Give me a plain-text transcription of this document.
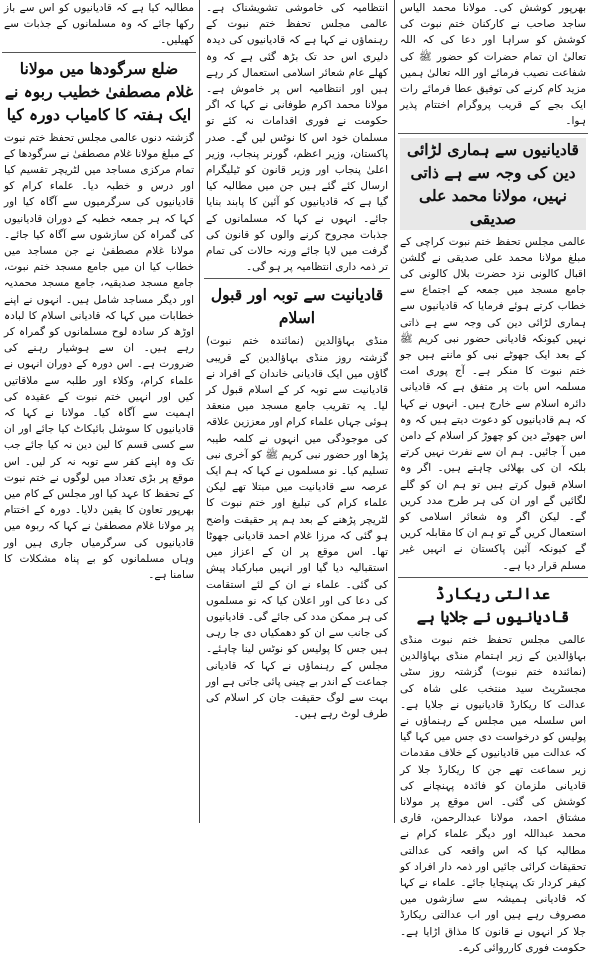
بھرپور کوشش کی۔ مولانا محمد الیاس ساجد صاحب نے کارکنان ختم نبوت کی کوشش کو سراہا اور دعا کی کہ اللہ تعالیٰ ان تمام حضرات کو حضور ﷺ کی شفاعت نصیب فرمائے اور اللہ تعالیٰ ہمیں مزید کام کرنے کی توفیق عطا فرمائے رات ایک بجے کے قریب پروگرام اختتام پذیر ہوا۔

قادیانیوں سے ہماری لڑائی دین کی وجہ سے ہے ذاتی نہیں، مولانا محمد علی صدیقی

عالمی مجلس تحفظ ختم نبوت کراچی کے مبلغ مولانا محمد علی صدیقی نے گلشن اقبال کالونی نزد حضرت بلال کالونی کی جامع مسجد میں جمعہ کے اجتماع سے خطاب کرتے ہوئے فرمایا کہ قادیانیوں سے ہماری لڑائی دین کی وجہ سے ہے ذاتی نہیں کیونکہ قادیانی حضور نبی کریم ﷺ کے بعد ایک جھوٹے نبی کو مانتے ہیں جو ختم نبوت کا منکر ہے۔ آج پوری امت مسلمہ اس بات پر متفق ہے کہ قادیانی دائرہ اسلام سے خارج ہیں۔ انہوں نے کہا کہ ہم قادیانیوں کو دعوت دیتے ہیں کہ وہ اس جھوٹے دین کو چھوڑ کر اسلام کے دامن میں آ جائیں۔ ہم ان سے نفرت نہیں کرتے بلکہ ان کی بھلائی چاہتے ہیں۔ اگر وہ اسلام قبول کرتے ہیں تو ہم ان کو گلے لگائیں گے اور ان کی ہر طرح مدد کریں گے۔ لیکن اگر وہ شعائر اسلامی کو استعمال کریں گے تو ہم ان کا مقابلہ کریں گے کیونکہ آئین پاکستان نے انہیں غیر مسلم قرار دیا ہے۔

عدالتی ریکارڈ قادیانیوں نے جلایا ہے

عالمی مجلس تحفظ ختم نبوت منڈی بہاؤالدین کے زیر اہتمام منڈی بہاؤالدین (نمائندہ ختم نبوت) گزشتہ روز سٹی مجسٹریٹ سید منتخب علی شاہ کی عدالت کا ریکارڈ قادیانیوں نے جلایا ہے۔ اس سلسلہ میں مجلس کے رہنماؤں نے پولیس کو درخواست دی جس میں کہا گیا کہ عدالت میں قادیانیوں کے خلاف مقدمات زیر سماعت تھے جن کا ریکارڈ جلا کر قادیانی ملزمان کو فائدہ پہنچانے کی کوشش کی گئی۔ اس موقع پر مولانا مشتاق احمد، مولانا عبدالرحمن، قاری محمد عبداللہ اور دیگر علماء کرام نے مطالبہ کیا کہ اس واقعہ کی عدالتی تحقیقات کرائی جائیں اور ذمہ دار افراد کو کیفر کردار تک پہنچایا جائے۔ علماء نے کہا کہ قادیانی ہمیشہ سے سازشوں میں مصروف رہے ہیں اور اب عدالتی ریکارڈ جلا کر انہوں نے قانون کا مذاق اڑایا ہے۔ حکومت فوری کارروائی کرے۔

انتظامیہ کی خاموشی تشویشناک ہے۔ عالمی مجلس تحفظ ختم نبوت کے رہنماؤں نے کہا ہے کہ قادیانیوں کی دیدہ دلیری اس حد تک بڑھ گئی ہے کہ وہ کھلے عام شعائر اسلامی استعمال کر رہے ہیں اور انتظامیہ اس پر خاموش ہے۔ مولانا محمد اکرم طوفانی نے کہا کہ اگر حکومت نے فوری اقدامات نہ کئے تو مسلمان خود اس کا نوٹس لیں گے۔ صدر پاکستان، وزیر اعظم، گورنر پنجاب، وزیر اعلیٰ پنجاب اور وزیر قانون کو ٹیلیگرام ارسال کئے گئے ہیں جن میں مطالبہ کیا گیا ہے کہ قادیانیوں کو آئین کا پابند بنایا جائے۔ انہوں نے کہا کہ مسلمانوں کے جذبات مجروح کرنے والوں کو قانون کی گرفت میں لایا جائے ورنہ حالات کی تمام تر ذمہ داری انتظامیہ پر ہو گی۔

قادیانیت سے توبہ اور قبول اسلام

منڈی بہاؤالدین (نمائندہ ختم نبوت) گزشتہ روز منڈی بہاؤالدین کے قریبی گاؤں میں ایک قادیانی خاندان کے افراد نے قادیانیت سے توبہ کر کے اسلام قبول کر لیا۔ یہ تقریب جامع مسجد میں منعقد ہوئی جہاں علماء کرام اور معززین علاقہ کی موجودگی میں انہوں نے کلمہ طیبہ پڑھا اور حضور نبی کریم ﷺ کو آخری نبی تسلیم کیا۔ نو مسلموں نے کہا کہ ہم ایک عرصہ سے قادیانیت میں مبتلا تھے لیکن علماء کرام کی تبلیغ اور ختم نبوت کا لٹریچر پڑھنے کے بعد ہم پر حقیقت واضح ہو گئی کہ مرزا غلام احمد قادیانی جھوٹا تھا۔ اس موقع پر ان کے اعزاز میں استقبالیہ دیا گیا اور انہیں مبارکباد پیش کی گئی۔ علماء نے ان کے لئے استقامت کی دعا کی اور اعلان کیا کہ نو مسلموں کی ہر ممکن مدد کی جائے گی۔ قادیانیوں کی جانب سے ان کو دھمکیاں دی جا رہی ہیں جس کا پولیس کو نوٹس لینا چاہئے۔ مجلس کے رہنماؤں نے کہا کہ قادیانی جماعت کے اندر بے چینی پائی جاتی ہے اور بہت سے لوگ حقیقت جان کر اسلام کی طرف لوٹ رہے ہیں۔

مطالبہ کیا ہے کہ قادیانیوں کو اس سے باز رکھا جائے کہ وہ مسلمانوں کے جذبات سے کھیلیں۔

ضلع سرگودھا میں مولانا غلام مصطفیٰ خطیب ربوہ نے ایک ہفتہ کا کامیاب دورہ کیا

گزشتہ دنوں عالمی مجلس تحفظ ختم نبوت کے مبلغ مولانا غلام مصطفیٰ نے سرگودھا کے تمام مرکزی مساجد میں لٹریچر تقسیم کیا اور درس و خطبہ دیا۔ علماء کرام کو قادیانیوں کی سرگرمیوں سے آگاہ کیا اور کہا کہ ہر جمعہ خطبہ کے دوران قادیانیوں کی گمراہ کن سازشوں سے آگاہ کیا جائے۔ مولانا غلام مصطفیٰ نے جن مساجد میں خطاب کیا ان میں جامع مسجد ختم نبوت، جامع مسجد صدیقیہ، جامع مسجد محمدیہ اور دیگر مساجد شامل ہیں۔ انہوں نے اپنے خطابات میں کہا کہ قادیانی اسلام کا لبادہ اوڑھ کر سادہ لوح مسلمانوں کو گمراہ کر رہے ہیں۔ ان سے ہوشیار رہنے کی ضرورت ہے۔ اس دورہ کے دوران انہوں نے علماء کرام، وکلاء اور طلبہ سے ملاقاتیں کیں اور انہیں ختم نبوت کے عقیدہ کی اہمیت سے آگاہ کیا۔ مولانا نے کہا کہ قادیانیوں کا سوشل بائیکاٹ کیا جائے اور ان سے کسی قسم کا لین دین نہ کیا جائے جب تک وہ اپنے کفر سے توبہ نہ کر لیں۔ اس موقع پر بڑی تعداد میں لوگوں نے ختم نبوت کے تحفظ کا عہد کیا اور مجلس کے کام میں بھرپور تعاون کا یقین دلایا۔ دورہ کے اختتام پر مولانا غلام مصطفیٰ نے کہا کہ ربوہ میں قادیانیوں کی سرگرمیاں جاری ہیں اور وہاں مسلمانوں کو بے پناہ مشکلات کا سامنا ہے۔
